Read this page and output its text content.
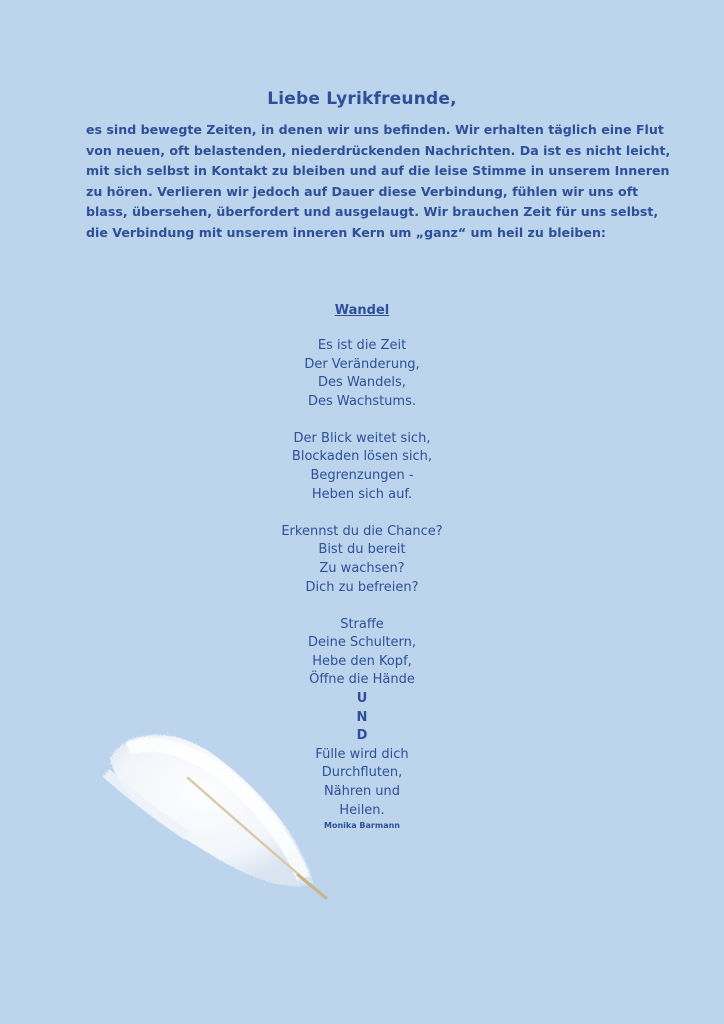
Liebe Lyrikfreunde,

es sind bewegte Zeiten, in denen wir uns befinden. Wir erhalten täglich eine Flut
von neuen, oft belastenden, niederdrückenden Nachrichten. Da ist es nicht leicht,
mit sich selbst in Kontakt zu bleiben und auf die leise Stimme in unserem Inneren
zu hören. Verlieren wir jedoch auf Dauer diese Verbindung, fühlen wir uns oft
blass, übersehen, überfordert und ausgelaugt. Wir brauchen Zeit für uns selbst,
die Verbindung mit unserem inneren Kern um „ganz“ um heil zu bleiben:

Wandel
Es ist die Zeit
Der Veränderung,
Des Wandels,
Des Wachstums.
Der Blick weitet sich,
Blockaden lösen sich,
Begrenzungen -
Heben sich auf.
Erkennst du die Chance?
Bist du bereit
Zu wachsen?
Dich zu befreien?
Straffe
Deine Schultern,
Hebe den Kopf,
Öffne die Hände
U
N
D
Fülle wird dich
Durchfluten,
Nähren und
Heilen.
Monika Barmann
